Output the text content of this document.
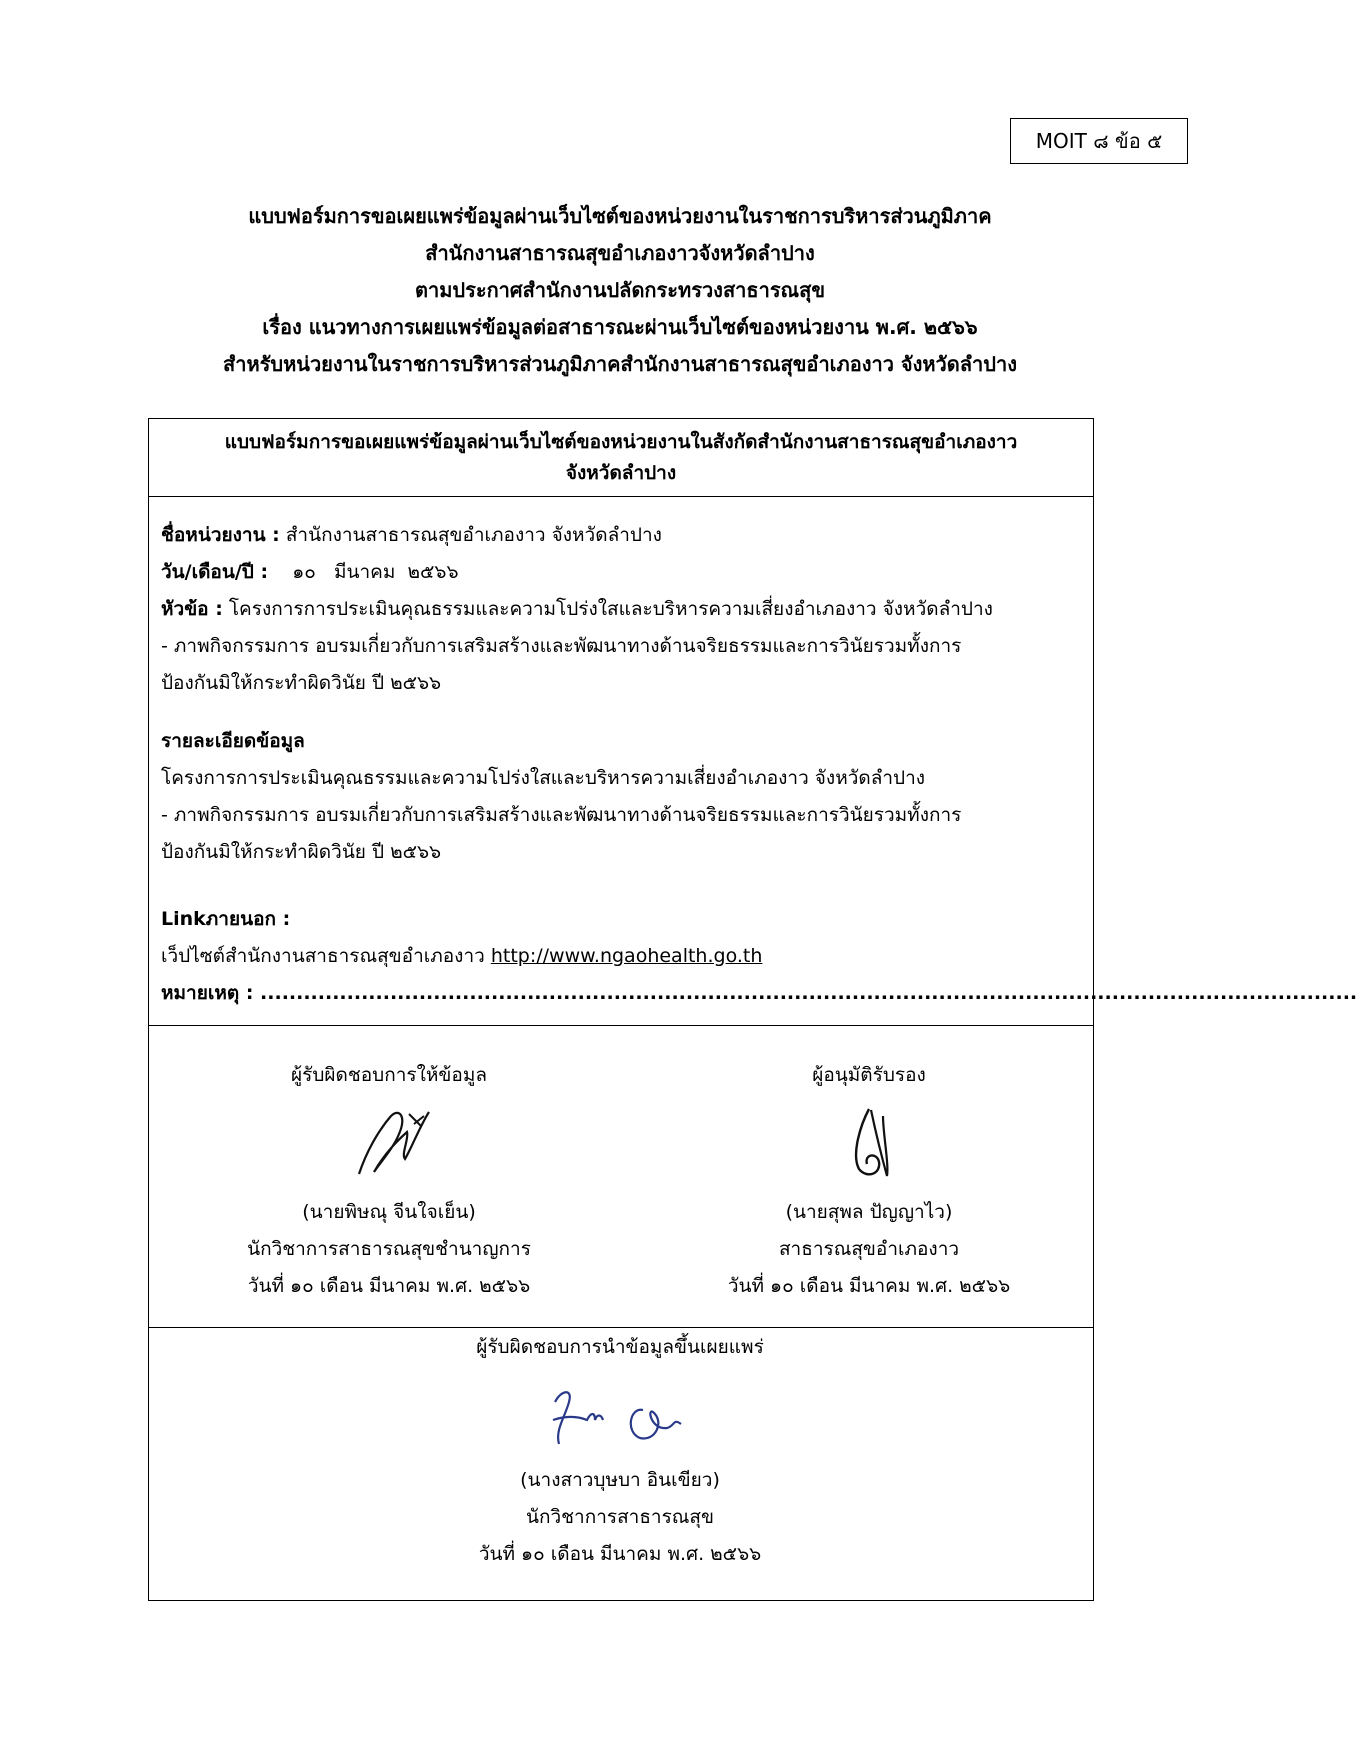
MOIT ๘ ข้อ ๕
แบบฟอร์มการขอเผยแพร่ข้อมูลผ่านเว็บไซต์ของหน่วยงานในราชการบริหารส่วนภูมิภาค
สำนักงานสาธารณสุขอำเภองาวจังหวัดลำปาง
ตามประกาศสำนักงานปลัดกระทรวงสาธารณสุข
เรื่อง แนวทางการเผยแพร่ข้อมูลต่อสาธารณะผ่านเว็บไซต์ของหน่วยงาน พ.ศ. ๒๕๖๖
สำหรับหน่วยงานในราชการบริหารส่วนภูมิภาคสำนักงานสาธารณสุขอำเภองาว จังหวัดลำปาง
แบบฟอร์มการขอเผยแพร่ข้อมูลผ่านเว็บไซต์ของหน่วยงานในสังกัดสำนักงานสาธารณสุขอำเภองาว
จังหวัดลำปาง
ชื่อหน่วยงาน : สำนักงานสาธารณสุขอำเภองาว จังหวัดลำปาง
วัน/เดือน/ปี :    ๑๐   มีนาคม  ๒๕๖๖
หัวข้อ : โครงการการประเมินคุณธรรมและความโปร่งใสและบริหารความเสี่ยงอำเภองาว จังหวัดลำปาง
- ภาพกิจกรรมการ อบรมเกี่ยวกับการเสริมสร้างและพัฒนาทางด้านจริยธรรมและการวินัยรวมทั้งการ
ป้องกันมิให้กระทำผิดวินัย ปี ๒๕๖๖
รายละเอียดข้อมูล
โครงการการประเมินคุณธรรมและความโปร่งใสและบริหารความเสี่ยงอำเภองาว จังหวัดลำปาง
- ภาพกิจกรรมการ อบรมเกี่ยวกับการเสริมสร้างและพัฒนาทางด้านจริยธรรมและการวินัยรวมทั้งการ
ป้องกันมิให้กระทำผิดวินัย ปี ๒๕๖๖
Linkภายนอก :
เว็ปไซต์สำนักงานสาธารณสุขอำเภองาว http://www.ngaohealth.go.th
หมายเหตุ : ........................................................................................................................................................
ผู้รับผิดชอบการให้ข้อมูล
(นายพิษณุ จีนใจเย็น)
นักวิชาการสาธารณสุขชำนาญการ
วันที่ ๑๐ เดือน มีนาคม พ.ศ. ๒๕๖๖
ผู้อนุมัติรับรอง
(นายสุพล ปัญญาไว)
สาธารณสุขอำเภองาว
วันที่ ๑๐ เดือน มีนาคม พ.ศ. ๒๕๖๖
ผู้รับผิดชอบการนำข้อมูลขึ้นเผยแพร่
(นางสาวบุษบา อินเขียว)
นักวิชาการสาธารณสุข
วันที่ ๑๐ เดือน มีนาคม พ.ศ. ๒๕๖๖
